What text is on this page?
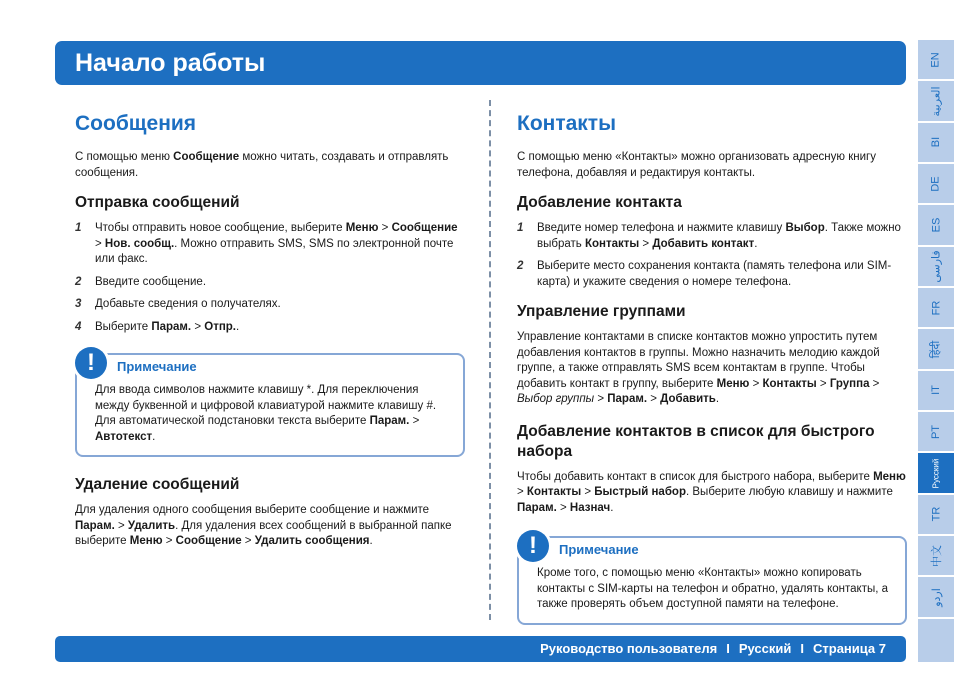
Начало работы
Сообщения

С помощью меню Сообщение можно читать, создавать и отправлять сообщения.

Отправка сообщений
1 Чтобы отправить новое сообщение, выберите Меню > Сообщение > Нов. сообщ.. Можно отправить SMS, SMS по электронной почте или факс.
2 Введите сообщение.
3 Добавьте сведения о получателях.
4 Выберите Парам. > Отпр..
!	Примечание

Для ввода символов нажмите клавишу *. Для переключения между буквенной и цифровой клавиатурой нажмите клавишу #. Для автоматической подстановки текста выберите Парам. > Автотекст.

Удаление сообщений

Для удаления одного сообщения выберите сообщение и нажмите Парам. > Удалить. Для удаления всех сообщений в выбранной папке выберите Меню > Сообщение > Удалить сообщения.

Контакты

С помощью меню «Контакты» можно организовать адресную книгу телефона, добавляя и редактируя контакты.

Добавление контакта
1 Введите номер телефона и нажмите клавишу Выбор. Также можно выбрать Контакты > Добавить контакт.
2 Выберите место сохранения контакта (память телефона или SIM-карта) и укажите сведения о номере телефона.
Управление группами

Управление контактами в списке контактов можно упростить путем добавления контактов в группы. Можно назначить мелодию каждой группе, а также отправлять SMS всем контактам в группе. Чтобы добавить контакт в группу, выберите Меню > Контакты > Группа > Выбор группы > Парам. > Добавить.

Добавление контактов в список для быстрого набора

Чтобы добавить контакт в список для быстрого набора, выберите Меню > Контакты > Быстрый набор. Выберите любую клавишу и нажмите Парам. > Назнач.

!	Примечание

Кроме того, с помощью меню «Контакты» можно копировать контакты с SIM-карты на телефон и обратно, удалять контакты, а также проверять объем доступной памяти на телефоне.

Руководство пользователя I Русский I Страница 7
EN
العربية
BI
DE
ES
فارسی
FR
हिंदी
IT
PT
Русский
TR
中文
اردو
